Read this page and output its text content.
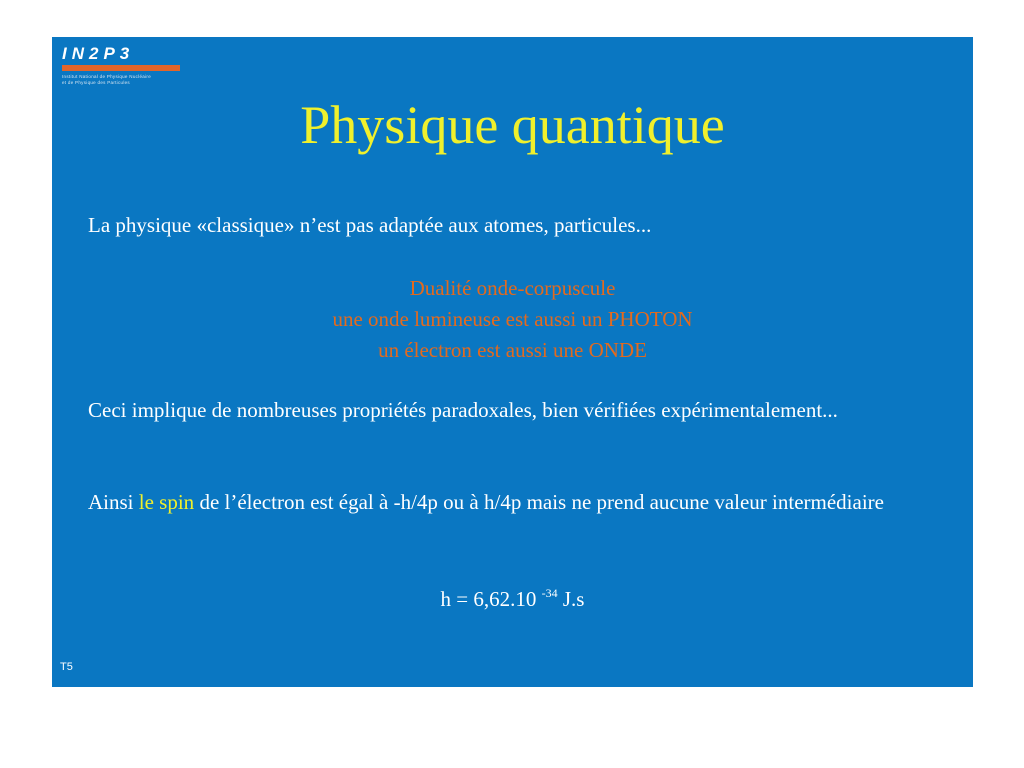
IN2P3
Institut National de Physique Nucléaire
et de Physique des Particules
Physique quantique
La physique «classique» n’est pas adaptée aux atomes, particules...
Dualité onde-corpuscule
une onde lumineuse est aussi un PHOTON
un électron est aussi une ONDE
Ceci implique de nombreuses propriétés paradoxales, bien vérifiées expérimentalement...
Ainsi le spin de l’électron est égal à -h/4p ou à h/4p mais ne prend aucune valeur intermédiaire
h = 6,62.10 $^{-34}$ J.s
T5
